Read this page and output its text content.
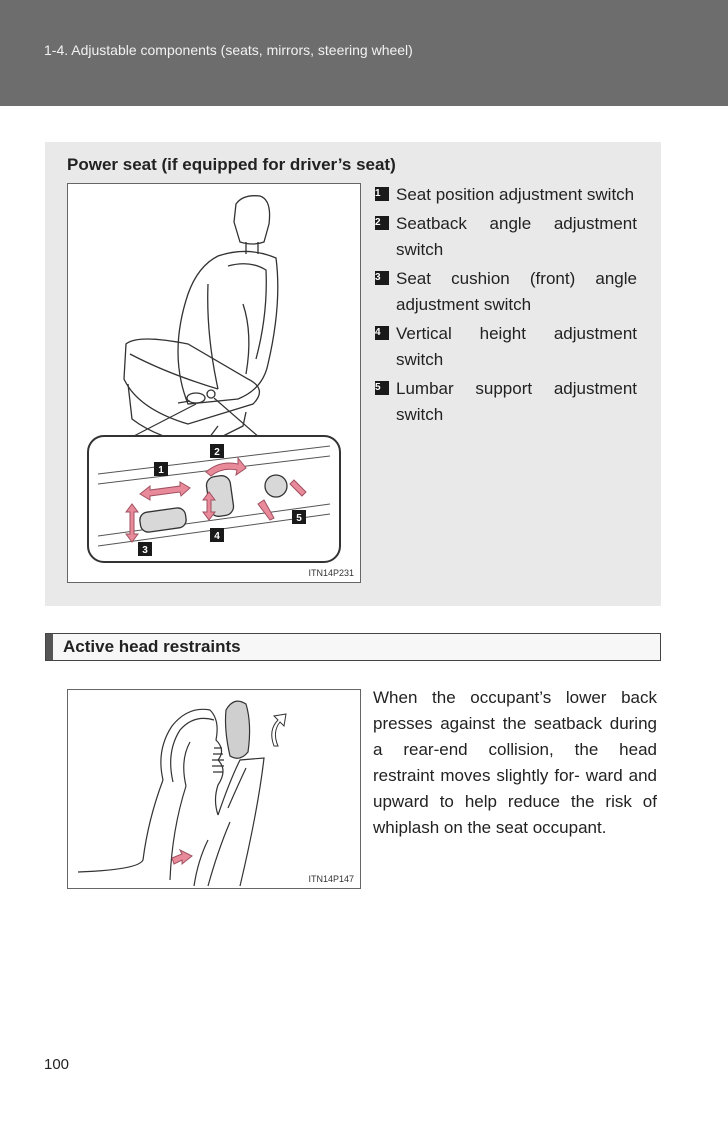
1-4. Adjustable components (seats, mirrors, steering wheel)
Power seat (if equipped for driver’s seat)
1
2
3
4
5
ITN14P231
1 Seat position adjustment switch
2 Seatback angle adjustment switch
3 Seat cushion (front) angle adjustment switch
4 Vertical height adjustment switch
5 Lumbar support adjustment switch
Active head restraints
ITN14P147

When the occupant’s lower back presses against the seatback during a rear-end collision, the head restraint moves slightly for- ward and upward to help reduce the risk of whiplash on the seat occupant.

100
